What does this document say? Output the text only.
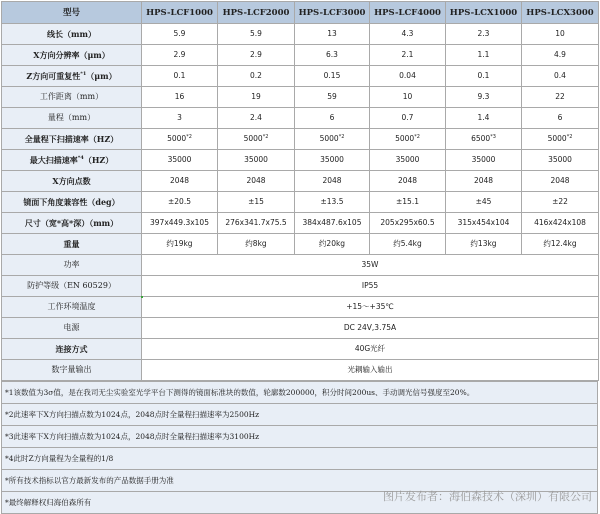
型号	HPS-LCF1000	HPS-LCF2000	HPS-LCF3000	HPS-LCF4000	HPS-LCX1000	HPS-LCX3000
线长（mm）	5.9	5.9	13	4.3	2.3	10
X方向分辨率（μm）	2.9	2.9	6.3	2.1	1.1	4.9
Z方向可重复性$^{*1}$（μm）	0.1	0.2	0.15	0.04	0.1	0.4
工作距离（mm）	16	19	59	10	9.3	22
量程（mm）	3	2.4	6	0.7	1.4	6
全量程下扫描速率（HZ）	5000$^{*2}$	5000$^{*2}$	5000$^{*2}$	5000$^{*2}$	6500$^{*3}$	5000$^{*2}$
最大扫描速率$^{*4}$（HZ）	35000	35000	35000	35000	35000	35000
X方向点数	2048	2048	2048	2048	2048	2048
镜面下角度兼容性（deg）	±20.5	±15	±13.5	±15.1	±45	±22
尺寸（宽*高*深）（mm）	397x449.3x105	276x341.7x75.5	384x487.6x105	205x295x60.5	315x454x104	416x424x108
重量	约19kg	约8kg	约20kg	约5.4kg	约13kg	约12.4kg
功率	35W					
防护等级（EN 60529）	IP55					
工作环境温度	+15～+35℃					
电源	DC 24V,3.75A					
连接方式	40G光纤					
数字量输出	光耦输入输出					
*1该数值为3σ值，是在我司无尘实验室光学平台下测得的镜面标准块的数值，轮廓数200000，积分时间200us、手动调光信号强度至20%。
*2此速率下X方向扫描点数为1024点，2048点时全量程扫描速率为2500Hz
*3此速率下X方向扫描点数为1024点，2048点时全量程扫描速率为3100Hz
*4此时Z方向量程为全量程的1/8
*所有技术指标以官方最新发布的产品数据手册为准
*最终解释权归海伯森所有	图片发布者：海伯森技术（深圳）有限公司
